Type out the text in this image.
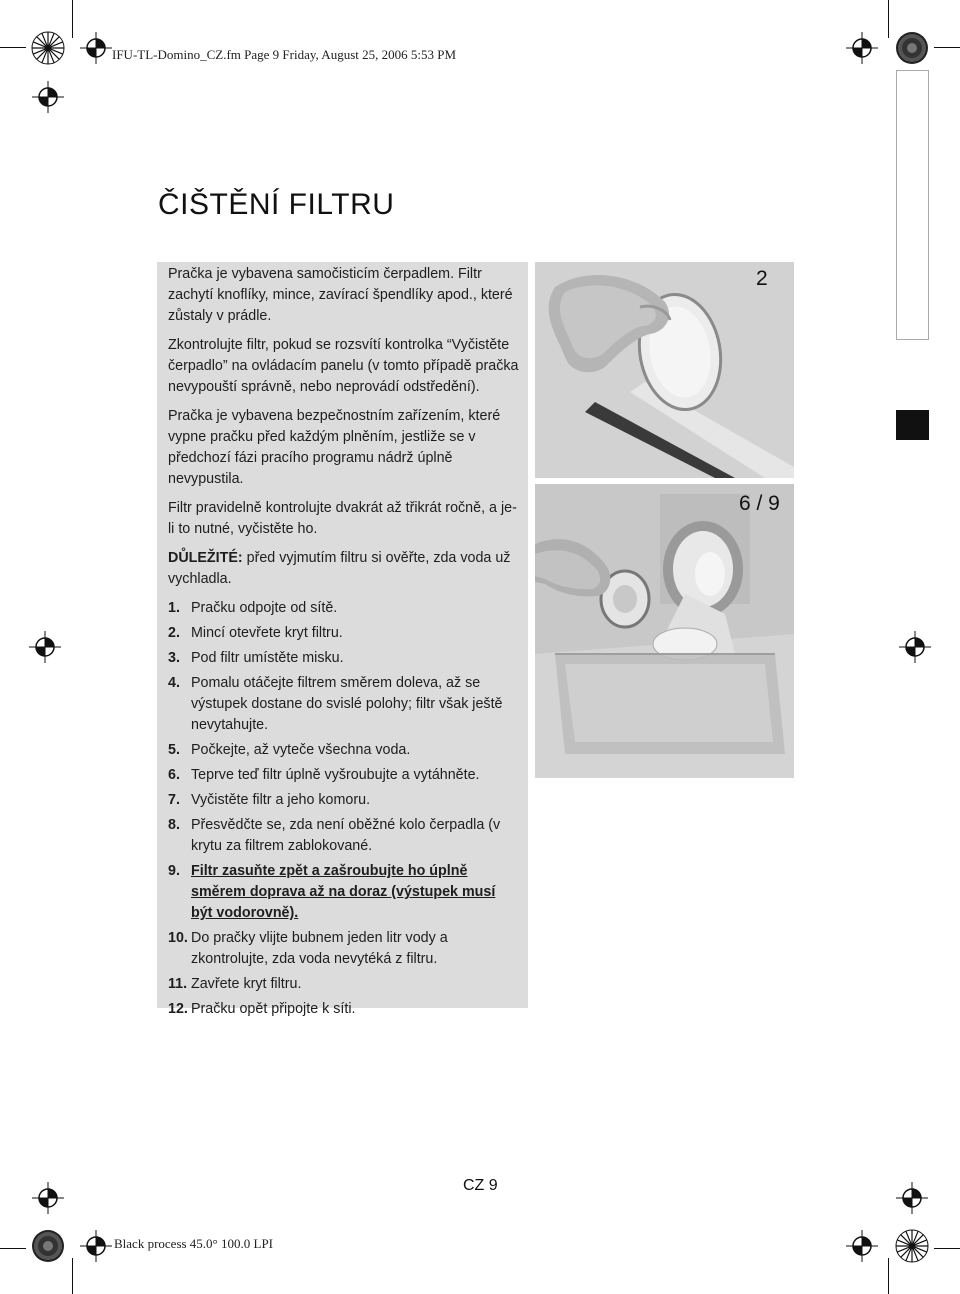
IFU-TL-Domino_CZ.fm Page 9 Friday, August 25, 2006 5:53 PM
Black process 45.0° 100.0 LPI
ČIŠTĚNÍ FILTRU

Pračka je vybavena samočisticím čerpadlem. Filtr zachytí knoflíky, mince, zavírací špendlíky apod., které zůstaly v prádle.

Zkontrolujte filtr, pokud se rozsvítí kontrolka “Vyčistěte čerpadlo” na ovládacím panelu (v tomto případě pračka nevypouští správně, nebo neprovádí odstředění).

Pračka je vybavena bezpečnostním zařízením, které vypne pračku před každým plněním, jestliže se v předchozí fázi pracího programu nádrž úplně nevypustila.

Filtr pravidelně kontrolujte dvakrát až třikrát ročně, a je-li to nutné, vyčistěte ho.

DŮLEŽITÉ: před vyjmutím filtru si ověřte, zda voda už vychladla.

1. Pračku odpojte od sítě.
2. Mincí otevřete kryt filtru.
3. Pod filtr umístěte misku.
4. Pomalu otáčejte filtrem směrem doleva, až se výstupek dostane do svislé polohy; filtr však ještě nevytahujte.
5. Počkejte, až vyteče všechna voda.
6. Teprve teď filtr úplně vyšroubujte a vytáhněte.
7. Vyčistěte filtr a jeho komoru.
8. Přesvědčte se, zda není oběžné kolo čerpadla (v krytu za filtrem zablokované.
9. Filtr zasuňte zpět a zašroubujte ho úplně směrem doprava až na doraz (výstupek musí být vodorovně).
10. Do pračky vlijte bubnem jeden litr vody a zkontrolujte, zda voda nevytéká z filtru.
11. Zavřete kryt filtru.
12. Pračku opět připojte k síti.
2
6 / 9
CZ 9
